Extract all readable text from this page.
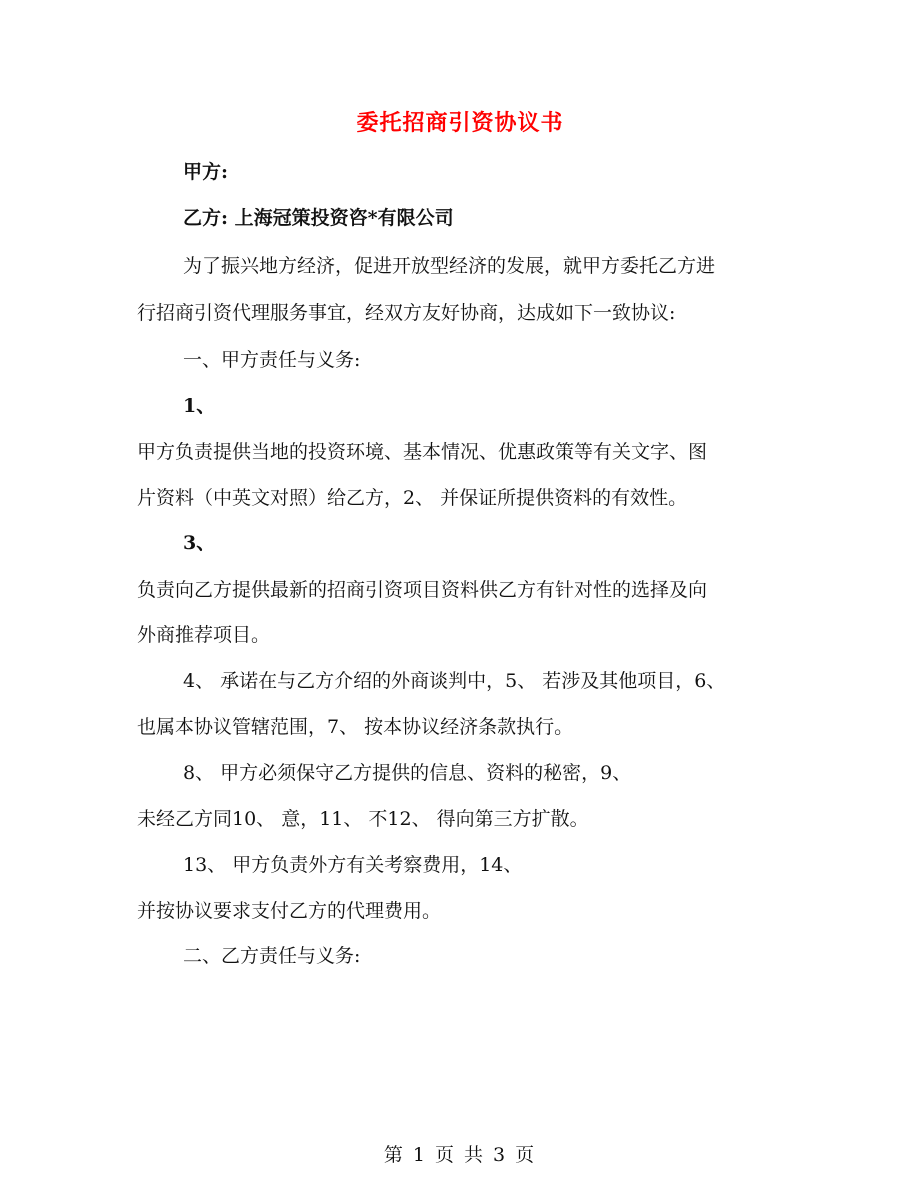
委托招商引资协议书
甲方:
乙方: 上海冠策投资咨*有限公司
为了振兴地方经济，促进开放型经济的发展，就甲方委托乙方进
行招商引资代理服务事宜，经双方友好协商，达成如下一致协议:
一、甲方责任与义务:
1、
甲方负责提供当地的投资环境、基本情况、优惠政策等有关文字、图
片资料（中英文对照）给乙方，2、 并保证所提供资料的有效性。
3、
负责向乙方提供最新的招商引资项目资料供乙方有针对性的选择及向
外商推荐项目。
4、 承诺在与乙方介绍的外商谈判中，5、 若涉及其他项目，6、
也属本协议管辖范围，7、 按本协议经济条款执行。
8、 甲方必须保守乙方提供的信息、资料的秘密，9、
未经乙方同10、 意，11、 不12、 得向第三方扩散。
13、 甲方负责外方有关考察费用，14、
并按协议要求支付乙方的代理费用。
二、乙方责任与义务:
第 1 页 共 3 页
